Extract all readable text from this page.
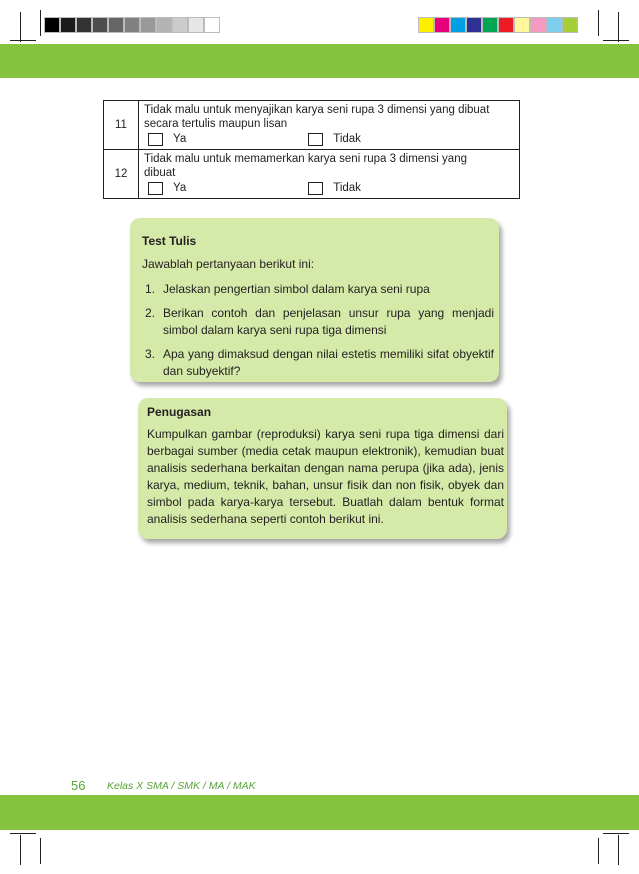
11	Tidak malu untuk menyajikan karya seni rupa 3 dimensi yang dibuat
secara tertulis maupun lisan
Ya Tidak

12	Tidak malu untuk memamerkan karya seni rupa 3 dimensi yang
dibuat
Ya Tidak
Test Tulis
Jawablah pertanyaan berikut ini:
1. Jelaskan pengertian simbol dalam karya seni rupa
2. Berikan contoh dan penjelasan unsur rupa yang menjadi simbol dalam karya seni rupa tiga dimensi
3. Apa yang dimaksud dengan nilai estetis memiliki sifat obyektif dan subyektif?
Penugasan
Kumpulkan gambar (reproduksi) karya seni rupa tiga dimensi dari berbagai sumber (media cetak maupun elektronik), kemudian buat analisis sederhana berkaitan dengan nama perupa (jika ada), jenis karya, medium, teknik, bahan, unsur fisik dan non fisik, obyek dan simbol pada karya-karya tersebut. Buatlah dalam bentuk format analisis sederhana seperti contoh berikut ini.
56 Kelas X SMA / SMK / MA / MAK
